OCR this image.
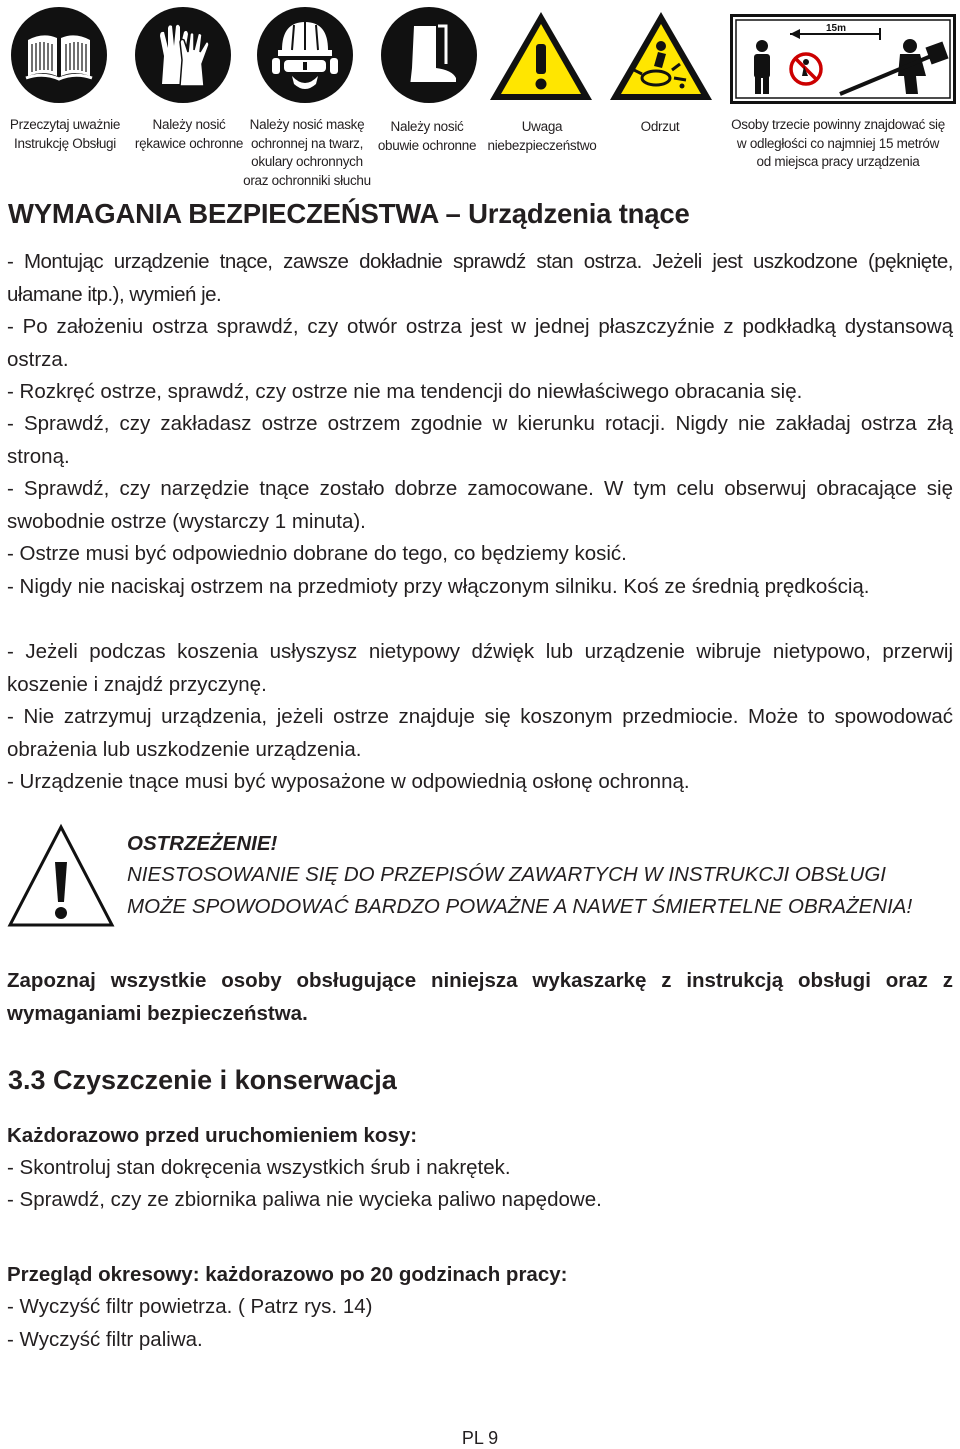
15m
Przeczytaj uważnie
Instrukcję Obsługi
Należy nosić
rękawice ochronne
Należy nosić maskę
ochronnej na twarz,
okulary ochronnych
oraz ochronniki słuchu
Należy nosić
obuwie ochronne
Uwaga
niebezpieczeństwo
Odrzut	Osoby trzecie powinny znajdować się
w odległości co najmniej 15 metrów
od miejsca pracy urządzenia
WYMAGANIA BEZPIECZEŃSTWA – Urządzenia tnące

- Montując urządzenie tnące, zawsze dokładnie sprawdź stan ostrza. Jeżeli jest uszkodzone (pęknięte, ułamane itp.), wymień je.

- Po założeniu ostrza sprawdź, czy otwór ostrza jest w jednej płaszczyźnie z podkładką dystansową ostrza.

- Rozkręć ostrze, sprawdź, czy ostrze nie ma tendencji do niewłaściwego obracania się.

- Sprawdź, czy zakładasz ostrze ostrzem zgodnie w kierunku rotacji. Nigdy nie zakładaj ostrza złą stroną.

- Sprawdź, czy narzędzie tnące zostało dobrze zamocowane. W tym celu obserwuj obracające się swobodnie ostrze (wystarczy 1 minuta).

- Ostrze musi być odpowiednio dobrane do tego, co będziemy kosić.

- Nigdy nie naciskaj ostrzem na przedmioty przy włączonym silniku. Koś ze średnią prędkością.

- Jeżeli podczas koszenia usłyszysz nietypowy dźwięk lub urządzenie wibruje nietypowo, przerwij koszenie i znajdź przyczynę.

- Nie zatrzymuj urządzenia, jeżeli ostrze znajduje się koszonym przedmiocie. Może to spowodować obrażenia lub uszkodzenie urządzenia.

- Urządzenie tnące musi być wyposażone w odpowiednią osłonę ochronną.

OSTRZEŻENIE!
NIESTOSOWANIE SIĘ DO PRZEPISÓW ZAWARTYCH W INSTRUKCJI OBSŁUGI
MOŻE SPOWODOWAĆ BARDZO POWAŻNE A NAWET ŚMIERTELNE OBRAŻENIA!
Zapoznaj wszystkie osoby obsługujące niniejsza wykaszarkę z instrukcją obsługi oraz z wymaganiami bezpieczeństwa.
3.3 Czyszczenie i konserwacja
Każdorazowo przed uruchomieniem kosy:
- Skontroluj stan dokręcenia wszystkich śrub i nakrętek.
- Sprawdź, czy ze zbiornika paliwa nie wycieka paliwo napędowe.
Przegląd okresowy: każdorazowo po 20 godzinach pracy:
- Wyczyść filtr powietrza. ( Patrz rys. 14)
- Wyczyść filtr paliwa.
PL 9
